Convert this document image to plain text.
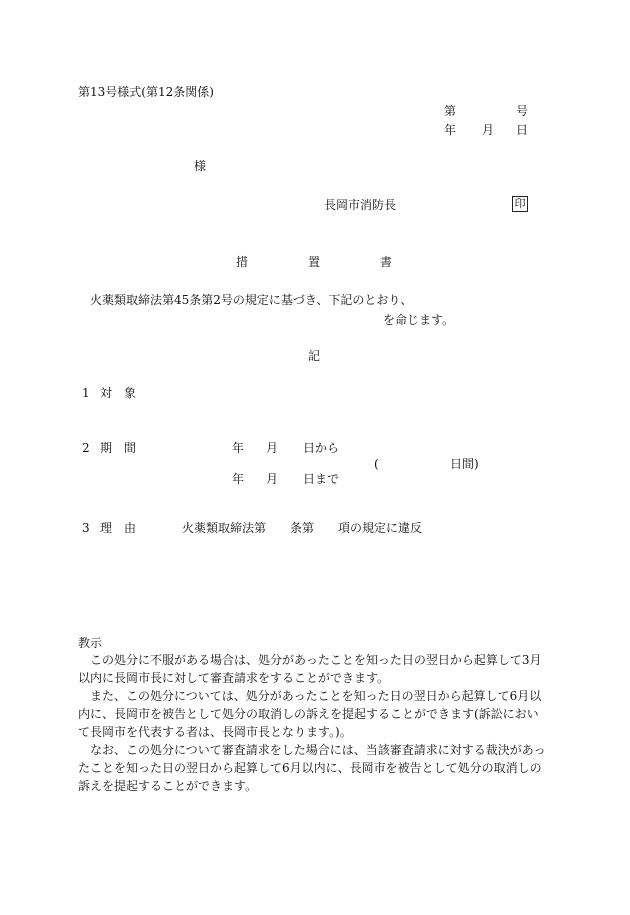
第13号様式(第12条関係)
第	号
年 月 日
様
長岡市消防長	印
措	置	書
火薬類取締法第45条第2号の規定に基づき、下記のとおり、
を命じます。
記
1 対 象
2 期 間	年 月 日から
(	日間)
年 月 日まで
3 理 由	火薬類取締法第 条第 項の規定に違反
教示
この処分に不服がある場合は、処分があったことを知った日の翌日から起算して3月以内に長岡市長に対して審査請求をすることができます。
また、この処分については、処分があったことを知った日の翌日から起算して6月以内に、長岡市を被告として処分の取消しの訴えを提起することができます(訴訟において長岡市を代表する者は、長岡市長となります。)。
なお、この処分について審査請求をした場合には、当該審査請求に対する裁決があったことを知った日の翌日から起算して6月以内に、長岡市を被告として処分の取消しの訴えを提起することができます。
